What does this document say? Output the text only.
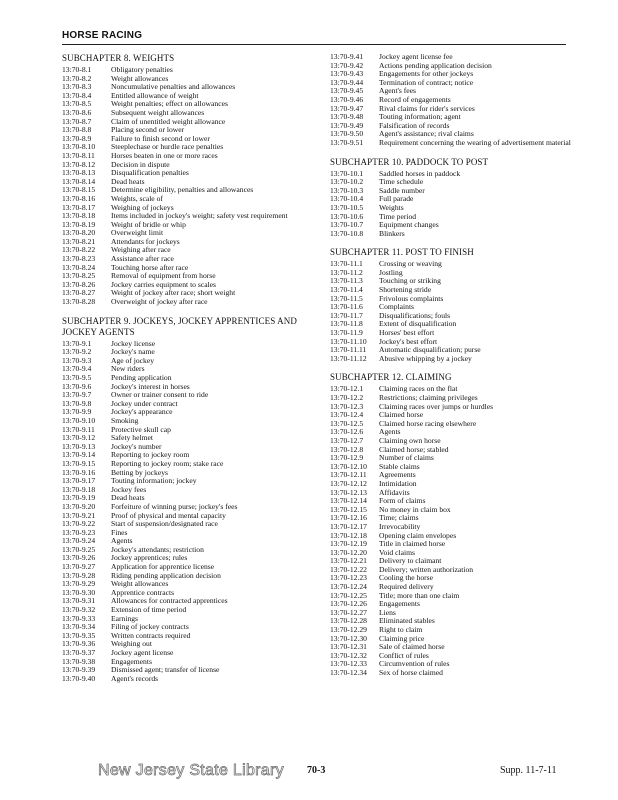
HORSE RACING
SUBCHAPTER 8. WEIGHTS
13:70-8.1	Obligatory penalties
13:70-8.2	Weight allowances
13:70-8.3	Noncumulative penalties and allowances
13:70-8.4	Entitled allowance of weight
13:70-8.5	Weight penalties; effect on allowances
13:70-8.6	Subsequent weight allowances
13:70-8.7	Claim of unentitled weight allowance
13:70-8.8	Placing second or lower
13:70-8.9	Failure to finish second or lower
13:70-8.10	Steeplechase or hurdle race penalties
13:70-8.11	Horses beaten in one or more races
13:70-8.12	Decision in dispute
13:70-8.13	Disqualification penalties
13:70-8.14	Dead heats
13:70-8.15	Determine eligibility, penalties and allowances
13:70-8.16	Weights, scale of
13:70-8.17	Weighing of jockeys
13:70-8.18	Items included in jockey's weight; safety vest requirement
13:70-8.19	Weight of bridle or whip
13:70-8.20	Overweight limit
13:70-8.21	Attendants for jockeys
13:70-8.22	Weighing after race
13:70-8.23	Assistance after race
13:70-8.24	Touching horse after race
13:70-8.25	Removal of equipment from horse
13:70-8.26	Jockey carries equipment to scales
13:70-8.27	Weight of jockey after race; short weight
13:70-8.28	Overweight of jockey after race
SUBCHAPTER 9. JOCKEYS, JOCKEY APPRENTICES AND JOCKEY AGENTS
13:70-9.1	Jockey license
13:70-9.2	Jockey's name
13:70-9.3	Age of jockey
13:70-9.4	New riders
13:70-9.5	Pending application
13:70-9.6	Jockey's interest in horses
13:70-9.7	Owner or trainer consent to ride
13:70-9.8	Jockey under contract
13:70-9.9	Jockey's appearance
13:70-9.10	Smoking
13:70-9.11	Protective skull cap
13:70-9.12	Safety helmet
13:70-9.13	Jockey's number
13:70-9.14	Reporting to jockey room
13:70-9.15	Reporting to jockey room; stake race
13:70-9.16	Betting by jockeys
13:70-9.17	Touting information; jockey
13:70-9.18	Jockey fees
13:70-9.19	Dead heats
13:70-9.20	Forfeiture of winning purse; jockey's fees
13:70-9.21	Proof of physical and mental capacity
13:70-9.22	Start of suspension/designated race
13:70-9.23	Fines
13:70-9.24	Agents
13:70-9.25	Jockey's attendants; restriction
13:70-9.26	Jockey apprentices; rules
13:70-9.27	Application for apprentice license
13:70-9.28	Riding pending application decision
13:70-9.29	Weight allowances
13:70-9.30	Apprentice contracts
13:70-9.31	Allowances for contracted apprentices
13:70-9.32	Extension of time period
13:70-9.33	Earnings
13:70-9.34	Filing of jockey contracts
13:70-9.35	Written contracts required
13:70-9.36	Weighing out
13:70-9.37	Jockey agent license
13:70-9.38	Engagements
13:70-9.39	Dismissed agent; transfer of license
13:70-9.40	Agent's records
13:70-9.41	Jockey agent license fee
13:70-9.42	Actions pending application decision
13:70-9.43	Engagements for other jockeys
13:70-9.44	Termination of contract; notice
13:70-9.45	Agent's fees
13:70-9.46	Record of engagements
13:70-9.47	Rival claims for rider's services
13:70-9.48	Touting information; agent
13:70-9.49	Falsification of records
13:70-9.50	Agent's assistance; rival claims
13:70-9.51	Requirement concerning the wearing of advertisement material
SUBCHAPTER 10. PADDOCK TO POST
13:70-10.1	Saddled horses in paddock
13:70-10.2	Time schedule
13:70-10.3	Saddle number
13:70-10.4	Full parade
13:70-10.5	Weights
13:70-10.6	Time period
13:70-10.7	Equipment changes
13:70-10.8	Blinkers
SUBCHAPTER 11. POST TO FINISH
13:70-11.1	Crossing or weaving
13:70-11.2	Jostling
13:70-11.3	Touching or striking
13:70-11.4	Shortening stride
13:70-11.5	Frivolous complaints
13:70-11.6	Complaints
13:70-11.7	Disqualifications; fouls
13:70-11.8	Extent of disqualification
13:70-11.9	Horses' best effort
13:70-11.10	Jockey's best effort
13:70-11.11	Automatic disqualification; purse
13:70-11.12	Abusive whipping by a jockey
SUBCHAPTER 12. CLAIMING
13:70-12.1	Claiming races on the flat
13:70-12.2	Restrictions; claiming privileges
13:70-12.3	Claiming races over jumps or hurdles
13:70-12.4	Claimed horse
13:70-12.5	Claimed horse racing elsewhere
13:70-12.6	Agents
13:70-12.7	Claiming own horse
13:70-12.8	Claimed horse; stabled
13:70-12.9	Number of claims
13:70-12.10	Stable claims
13:70-12.11	Agreements
13:70-12.12	Intimidation
13:70-12.13	Affidavits
13:70-12.14	Form of claims
13:70-12.15	No money in claim box
13:70-12.16	Time; claims
13:70-12.17	Irrevocability
13:70-12.18	Opening claim envelopes
13:70-12.19	Title in claimed horse
13:70-12.20	Void claims
13:70-12.21	Delivery to claimant
13:70-12.22	Delivery; written authorization
13:70-12.23	Cooling the horse
13:70-12.24	Required delivery
13:70-12.25	Title; more than one claim
13:70-12.26	Engagements
13:70-12.27	Liens
13:70-12.28	Eliminated stables
13:70-12.29	Right to claim
13:70-12.30	Claiming price
13:70-12.31	Sale of claimed horse
13:70-12.32	Conflict of rules
13:70-12.33	Circumvention of rules
13:70-12.34	Sex of horse claimed
New Jersey State Library 70-3	Supp. 11-7-11
